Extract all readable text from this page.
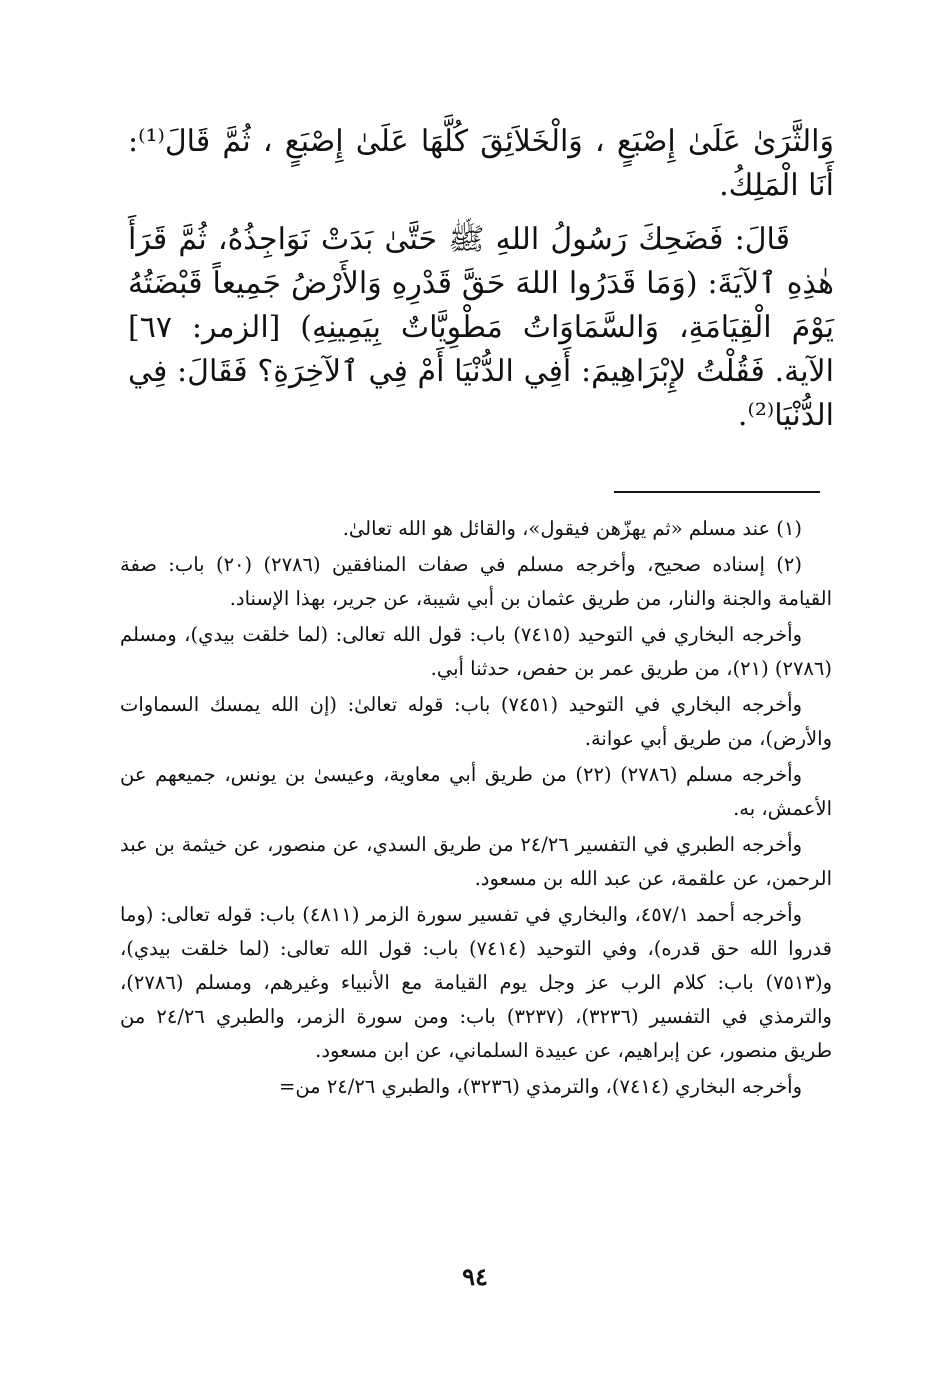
وَالثَّرَىٰ عَلَىٰ إِصْبَعٍ ، وَالْخَلاَئِقَ كُلَّهَا عَلَىٰ إِصْبَعٍ ، ثُمَّ قَالَ⁽¹⁾: أَنَا الْمَلِكُ.

قَالَ: فَضَحِكَ رَسُولُ اللهِ ﷺ حَتَّىٰ بَدَتْ نَوَاجِذُهُ، ثُمَّ قَرَأَ هٰذِهِ ٱلآيَةَ: (وَمَا قَدَرُوا اللهَ حَقَّ قَدْرِهِ وَالأَرْضُ جَمِيعاً قَبْضَتُهُ يَوْمَ الْقِيَامَةِ، وَالسَّمَاوَاتُ مَطْوِيَّاتٌ بِيَمِينِهِ) [الزمر: ٦٧] الآية. فَقُلْتُ لإِبْرَاهِيمَ: أَفِي الدُّنْيَا أَمْ فِي ٱلآخِرَةِ؟ فَقَالَ: فِي الدُّنْيَا⁽²⁾.

(١) عند مسلم «ثم يهزّهن فيقول»، والقائل هو الله تعالىٰ.

(٢) إسناده صحيح، وأخرجه مسلم في صفات المنافقين (٢٧٨٦) (٢٠) باب: صفة القيامة والجنة والنار، من طريق عثمان بن أبي شيبة، عن جرير، بهذا الإسناد.

وأخرجه البخاري في التوحيد (٧٤١٥) باب: قول الله تعالى: (لما خلقت بيدي)، ومسلم (٢٧٨٦) (٢١)، من طريق عمر بن حفص، حدثنا أبي.

وأخرجه البخاري في التوحيد (٧٤٥١) باب: قوله تعالىٰ: (إن الله يمسك السماوات والأرض)، من طريق أبي عوانة.

وأخرجه مسلم (٢٧٨٦) (٢٢) من طريق أبي معاوية، وعيسىٰ بن يونس، جميعهم عن الأعمش، به.

وأخرجه الطبري في التفسير ٢٤/٢٦ من طريق السدي، عن منصور، عن خيثمة بن عبد الرحمن، عن علقمة، عن عبد الله بن مسعود.

وأخرجه أحمد ٤٥٧/١، والبخاري في تفسير سورة الزمر (٤٨١١) باب: قوله تعالى: (وما قدروا الله حق قدره)، وفي التوحيد (٧٤١٤) باب: قول الله تعالى: (لما خلقت بيدي)، و(٧٥١٣) باب: كلام الرب عز وجل يوم القيامة مع الأنبياء وغيرهم، ومسلم (٢٧٨٦)، والترمذي في التفسير (٣٢٣٦)، (٣٢٣٧) باب: ومن سورة الزمر، والطبري ٢٤/٢٦ من طريق منصور، عن إبراهيم، عن عبيدة السلماني، عن ابن مسعود.

وأخرجه البخاري (٧٤١٤)، والترمذي (٣٢٣٦)، والطبري ٢٤/٢٦ من=

٩٤
